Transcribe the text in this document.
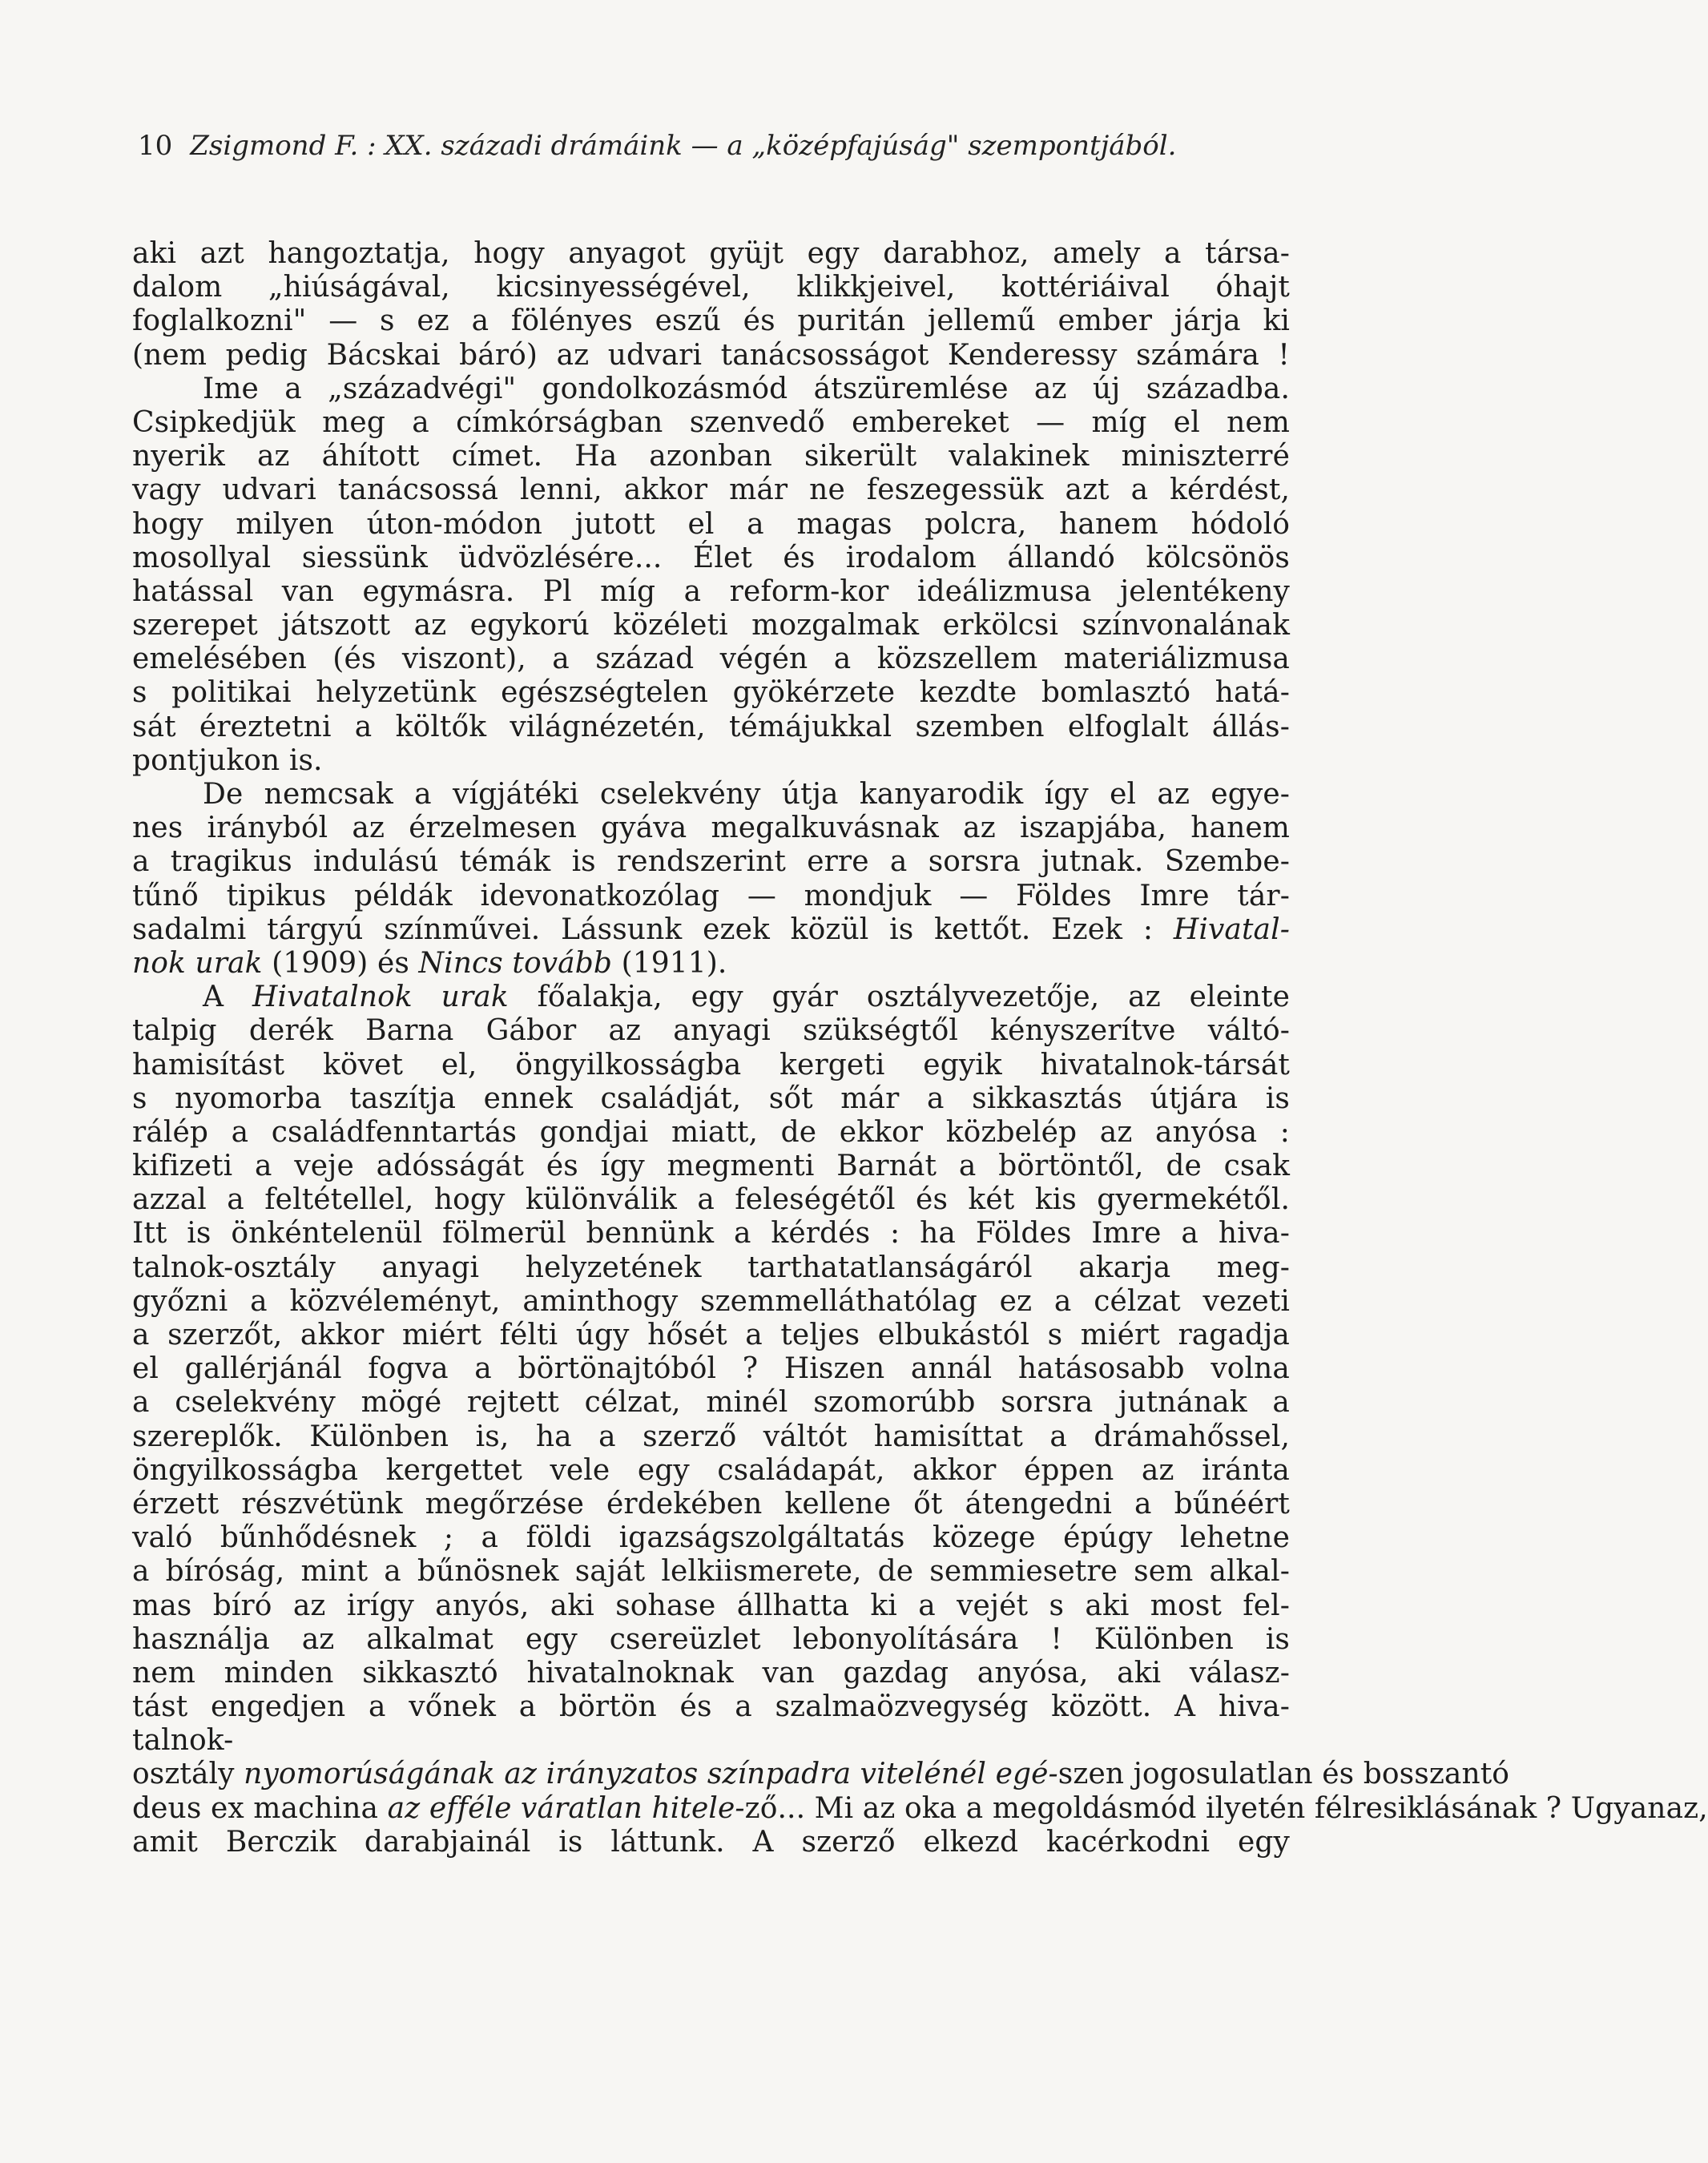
10 Zsigmond F. : XX. századi drámáink — a „középfajúság" szempontjából.
aki azt hangoztatja, hogy anyagot gyüjt egy darabhoz, amely a társa-
dalom „hiúságával, kicsinyességével, klikkjeivel, kottériáival óhajt
foglalkozni" — s ez a fölényes eszű és puritán jellemű ember járja ki
(nem pedig Bácskai báró) az udvari tanácsosságot Kenderessy számára !
Ime a „századvégi" gondolkozásmód átszüremlése az új századba.
Csipkedjük meg a címkórságban szenvedő embereket — míg el nem
nyerik az áhított címet. Ha azonban sikerült valakinek miniszterré
vagy udvari tanácsossá lenni, akkor már ne feszegessük azt a kérdést,
hogy milyen úton-módon jutott el a magas polcra, hanem hódoló
mosollyal siessünk üdvözlésére... Élet és irodalom állandó kölcsönös
hatással van egymásra. Pl míg a reform-kor ideálizmusa jelentékeny
szerepet játszott az egykorú közéleti mozgalmak erkölcsi színvonalának
emelésében (és viszont), a század végén a közszellem materiálizmusa
s politikai helyzetünk egészségtelen gyökérzete kezdte bomlasztó hatá-
sát éreztetni a költők világnézetén, témájukkal szemben elfoglalt állás-
pontjukon is.
De nemcsak a vígjátéki cselekvény útja kanyarodik így el az egye-
nes irányból az érzelmesen gyáva megalkuvásnak az iszapjába, hanem
a tragikus indulású témák is rendszerint erre a sorsra jutnak. Szembe-
tűnő tipikus példák idevonatkozólag — mondjuk — Földes Imre tár-
sadalmi tárgyú színművei. Lássunk ezek közül is kettőt. Ezek : Hivatal-
nok urak (1909) és Nincs tovább (1911).
A Hivatalnok urak főalakja, egy gyár osztályvezetője, az eleinte
talpig derék Barna Gábor az anyagi szükségtől kényszerítve váltó-
hamisítást követ el, öngyilkosságba kergeti egyik hivatalnok-társát
s nyomorba taszítja ennek családját, sőt már a sikkasztás útjára is
rálép a családfenntartás gondjai miatt, de ekkor közbelép az anyósa :
kifizeti a veje adósságát és így megmenti Barnát a börtöntől, de csak
azzal a feltétellel, hogy különválik a feleségétől és két kis gyermekétől.
Itt is önkéntelenül fölmerül bennünk a kérdés : ha Földes Imre a hiva-
talnok-osztály anyagi helyzetének tarthatatlanságáról akarja meg-
győzni a közvéleményt, aminthogy szemmelláthatólag ez a célzat vezeti
a szerzőt, akkor miért félti úgy hősét a teljes elbukástól s miért ragadja
el gallérjánál fogva a börtönajtóból ? Hiszen annál hatásosabb volna
a cselekvény mögé rejtett célzat, minél szomorúbb sorsra jutnának a
szereplők. Különben is, ha a szerző váltót hamisíttat a drámahőssel,
öngyilkosságba kergettet vele egy családapát, akkor éppen az iránta
érzett részvétünk megőrzése érdekében kellene őt átengedni a bűnéért
való bűnhődésnek ; a földi igazságszolgáltatás közege épúgy lehetne
a bíróság, mint a bűnösnek saját lelkiismerete, de semmiesetre sem alkal-
mas bíró az irígy anyós, aki sohase állhatta ki a vejét s aki most fel-
használja az alkalmat egy csereüzlet lebonyolítására ! Különben is
nem minden sikkasztó hivatalnoknak van gazdag anyósa, aki válasz-
tást engedjen a vőnek a börtön és a szalmaözvegység között. A hiva-
talnok-
osztály nyomorúságának az irányzatos színpadra vitelénél egé-szen jogosulatlan és bosszantó
deus ex machina az efféle váratlan hitele-ző... Mi az oka a megoldásmód ilyetén félresiklásának ? Ugyanaz,
amit Berczik darabjainál is láttunk. A szerző elkezd kacérkodni egy
